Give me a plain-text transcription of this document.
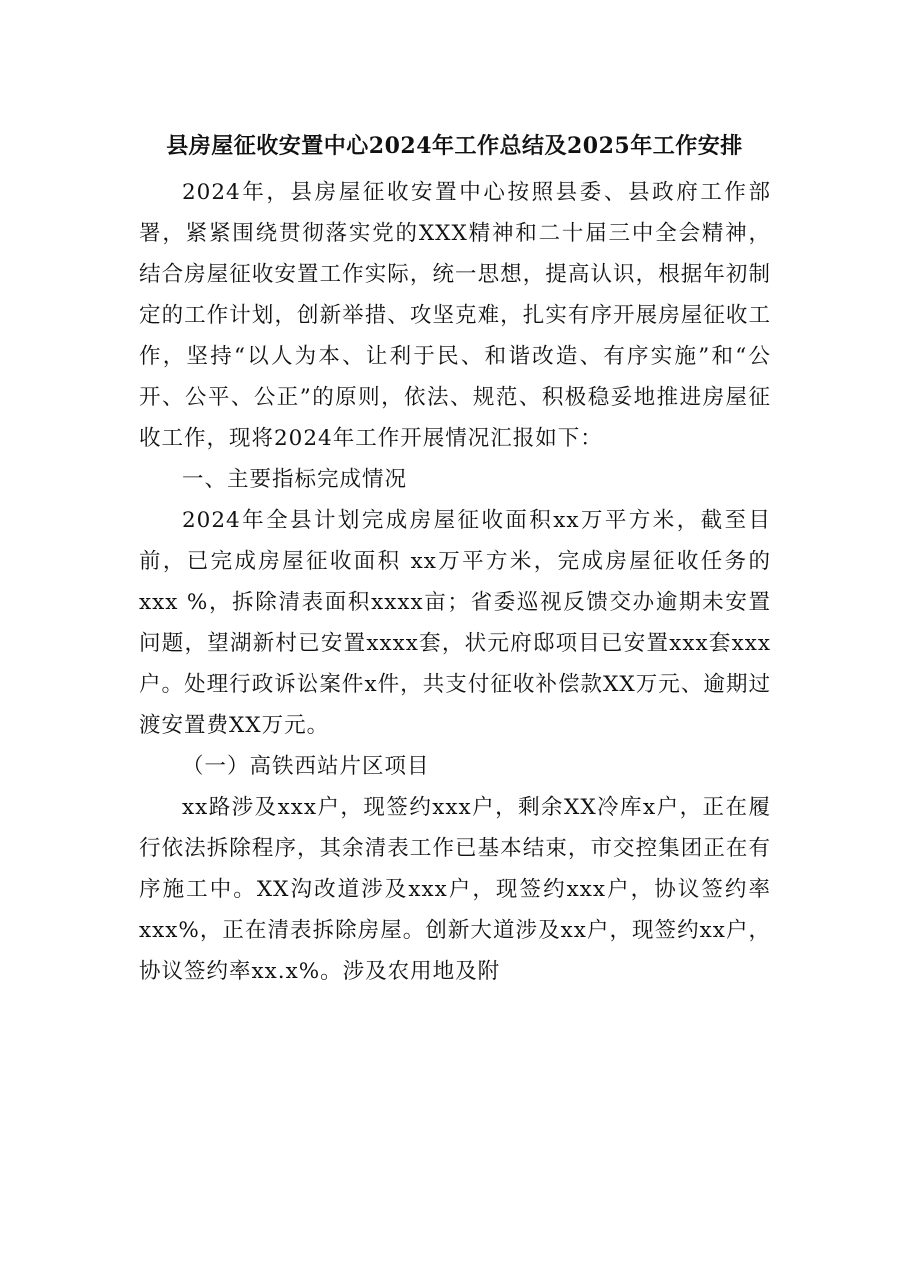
县房屋征收安置中心2024年工作总结及2025年工作安排

2024年，县房屋征收安置中心按照县委、县政府工作部署，紧紧围绕贯彻落实党的XXX精神和二十届三中全会精神，结合房屋征收安置工作实际，统一思想，提高认识，根据年初制定的工作计划，创新举措、攻坚克难，扎实有序开展房屋征收工作，坚持“以人为本、让利于民、和谐改造、有序实施”和“公开、公平、公正”的原则，依法、规范、积极稳妥地推进房屋征收工作，现将2024年工作开展情况汇报如下：

一、主要指标完成情况

2024年全县计划完成房屋征收面积xx万平方米，截至目前，已完成房屋征收面积 xx万平方米，完成房屋征收任务的xxx %，拆除清表面积xxxx亩；省委巡视反馈交办逾期未安置问题，望湖新村已安置xxxx套，状元府邸项目已安置xxx套xxx户。处理行政诉讼案件x件，共支付征收补偿款XX万元、逾期过渡安置费XX万元。

（一）高铁西站片区项目

xx路涉及xxx户，现签约xxx户，剩余XX冷库x户，正在履行依法拆除程序，其余清表工作已基本结束，市交控集团正在有序施工中。XX沟改道涉及xxx户，现签约xxx户，协议签约率xxx%，正在清表拆除房屋。创新大道涉及xx户，现签约xx户，协议签约率xx.x%。涉及农用地及附
